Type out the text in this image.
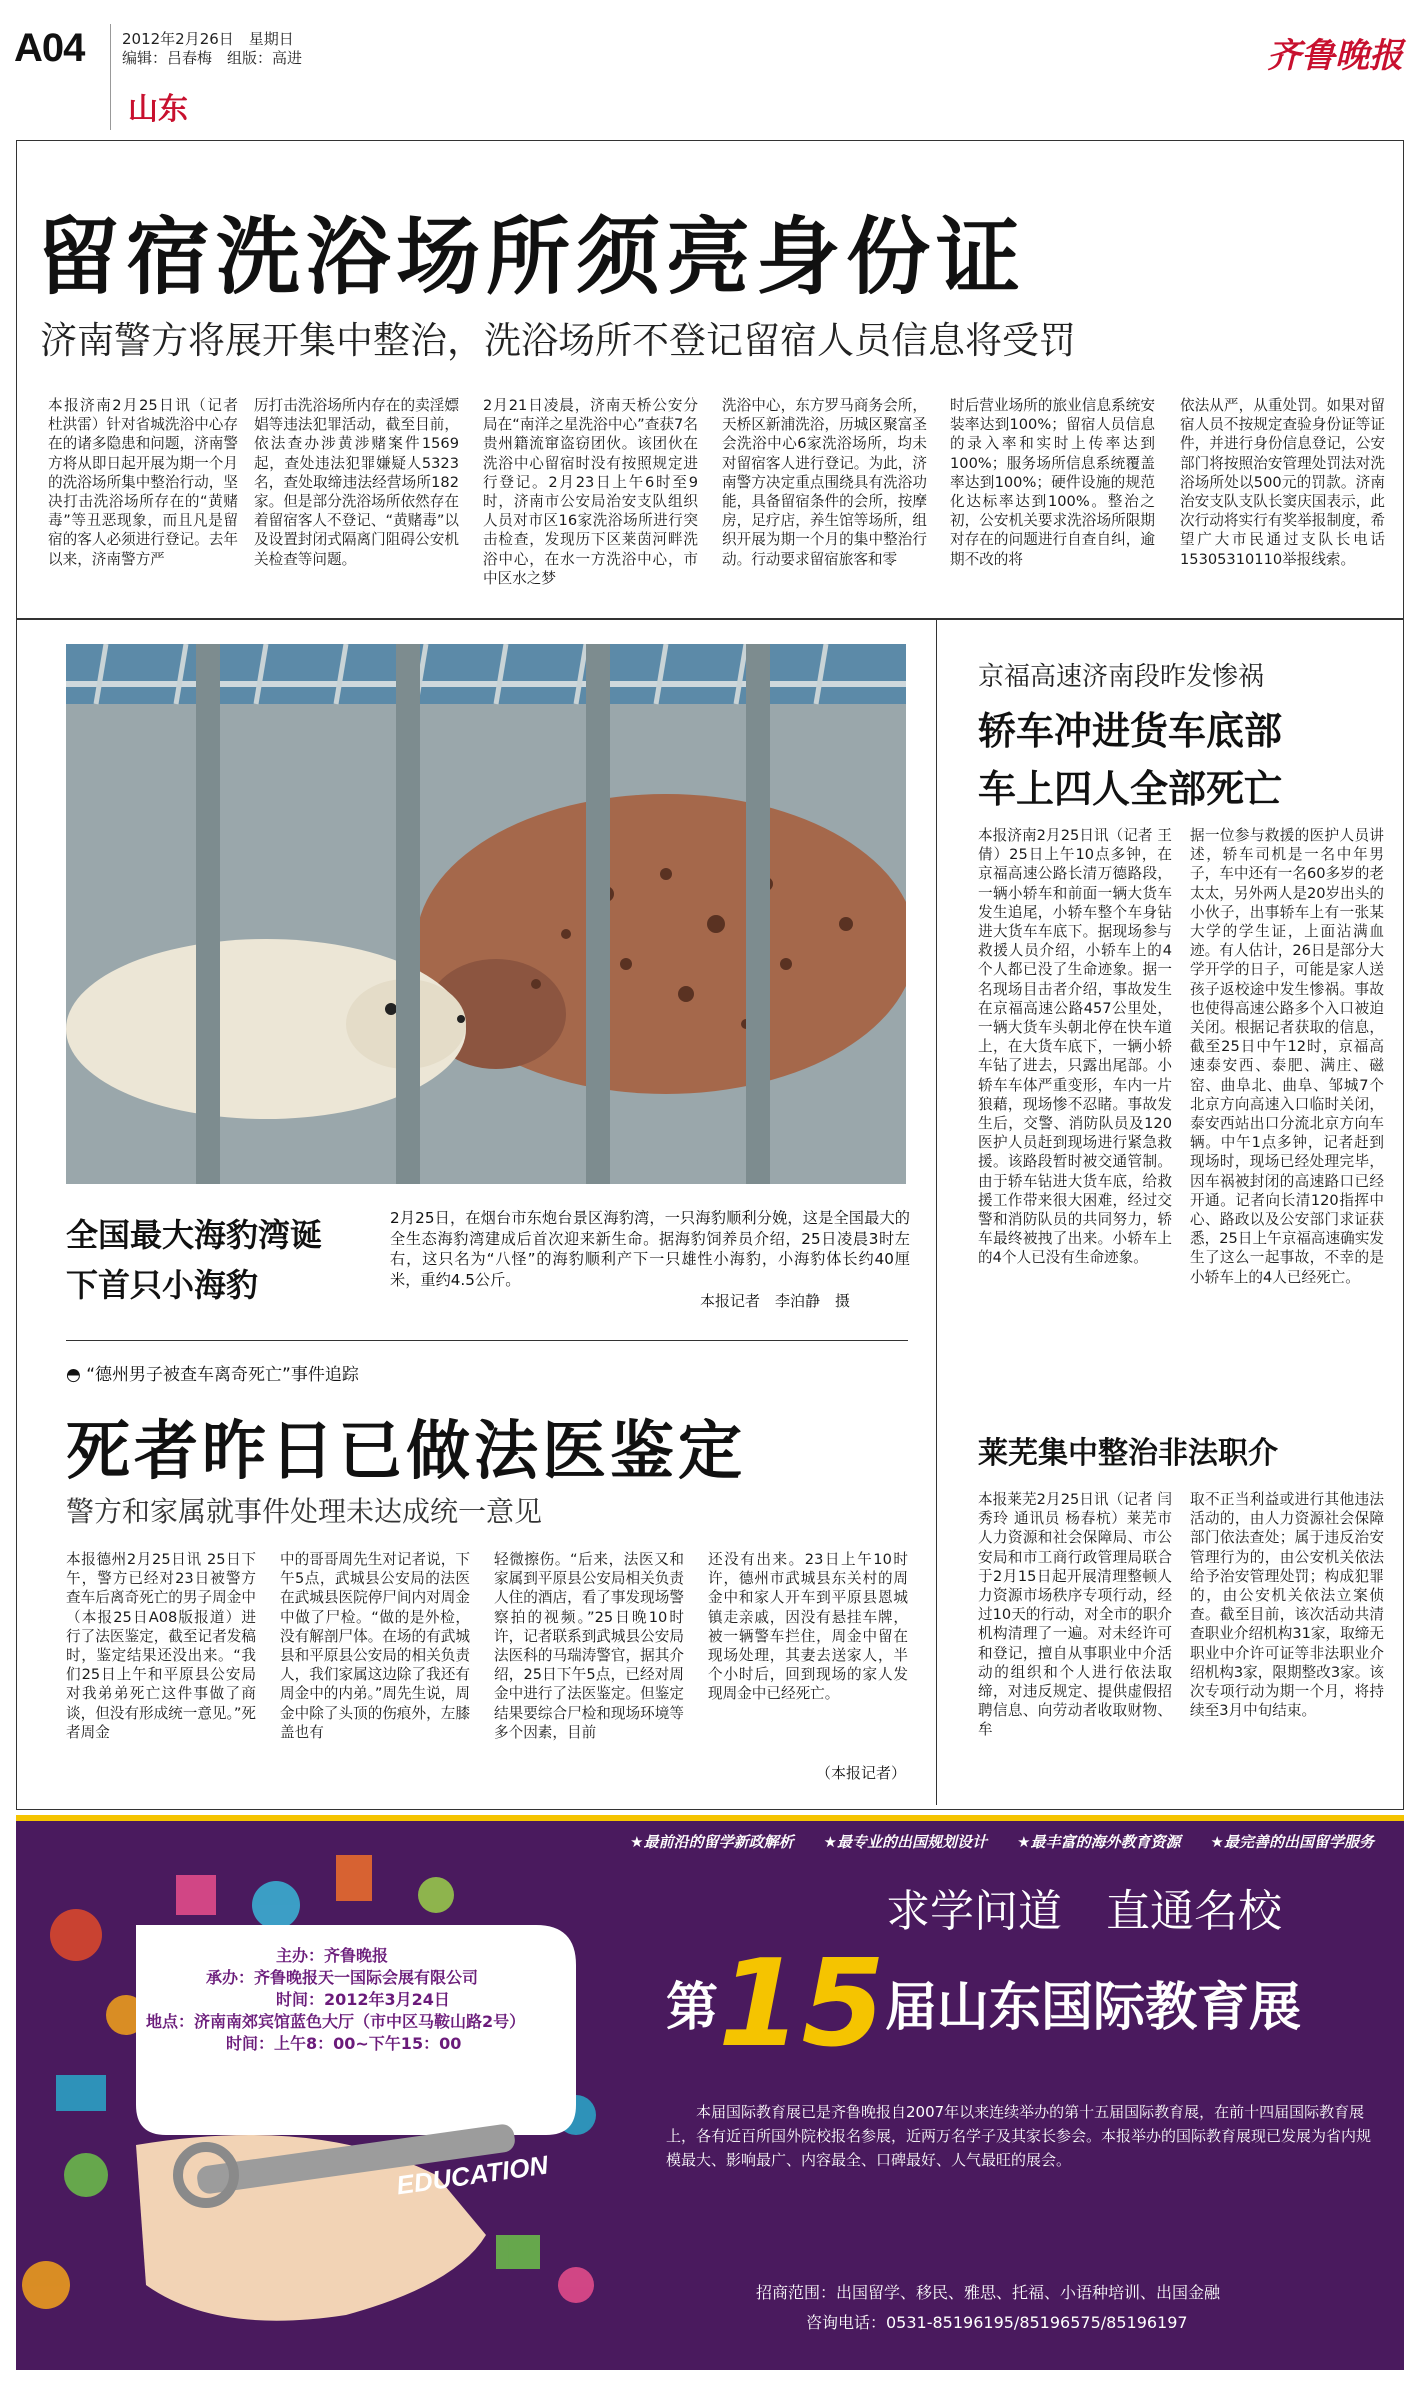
A04	2012年2月26日　星期日
编辑：吕春梅　组版：高进
山东
齐鲁晚报
留宿洗浴场所须亮身份证
济南警方将展开集中整治，洗浴场所不登记留宿人员信息将受罚
本报济南2月25日讯（记者 杜洪雷）针对省城洗浴中心存在的诸多隐患和问题，济南警方将从即日起开展为期一个月的洗浴场所集中整治行动，坚决打击洗浴场所存在的“黄赌毒”等丑恶现象，而且凡是留宿的客人必须进行登记。去年以来，济南警方严
厉打击洗浴场所内存在的卖淫嫖娼等违法犯罪活动，截至目前，依法查办涉黄涉赌案件1569起，查处违法犯罪嫌疑人5323名，查处取缔违法经营场所182家。但是部分洗浴场所依然存在着留宿客人不登记、“黄赌毒”以及设置封闭式隔离门阻碍公安机关检查等问题。
2月21日凌晨，济南天桥公安分局在“南洋之星洗浴中心”查获7名贵州籍流窜盗窃团伙。该团伙在洗浴中心留宿时没有按照规定进行登记。2月23日上午6时至9时，济南市公安局治安支队组织人员对市区16家洗浴场所进行突击检查，发现历下区莱茵河畔洗浴中心，在水一方洗浴中心，市中区水之梦
洗浴中心，东方罗马商务会所，天桥区新浦洗浴，历城区聚富圣会洗浴中心6家洗浴场所，均未对留宿客人进行登记。为此，济南警方决定重点围绕具有洗浴功能，具备留宿条件的会所，按摩房，足疗店，养生馆等场所，组织开展为期一个月的集中整治行动。行动要求留宿旅客和零
时后营业场所的旅业信息系统安装率达到100%；留宿人员信息的录入率和实时上传率达到100%；服务场所信息系统覆盖率达到100%；硬件设施的规范化达标率达到100%。整治之初，公安机关要求洗浴场所限期对存在的问题进行自查自纠，逾期不改的将
依法从严，从重处罚。如果对留宿人员不按规定查验身份证等证件，并进行身份信息登记，公安部门将按照治安管理处罚法对洗浴场所处以500元的罚款。济南治安支队支队长窦庆国表示，此次行动将实行有奖举报制度，希望广大市民通过支队长电话15305310110举报线索。
全国最大海豹湾诞下首只小海豹
2月25日，在烟台市东炮台景区海豹湾，一只海豹顺利分娩，这是全国最大的全生态海豹湾建成后首次迎来新生命。据海豹饲养员介绍，25日凌晨3时左右，这只名为“八怪”的海豹顺利产下一只雄性小海豹，小海豹体长约40厘米，重约4.5公斤。
本报记者　李泊静　摄
京福高速济南段昨发惨祸
轿车冲进货车底部
车上四人全部死亡
本报济南2月25日讯（记者 王倩）25日上午10点多钟，在京福高速公路长清万德路段，一辆小轿车和前面一辆大货车发生追尾，小轿车整个车身钻进大货车车底下。据现场参与救援人员介绍，小轿车上的4个人都已没了生命迹象。据一名现场目击者介绍，事故发生在京福高速公路457公里处，一辆大货车头朝北停在快车道上，在大货车底下，一辆小轿车钻了进去，只露出尾部。小轿车车体严重变形，车内一片狼藉，现场惨不忍睹。事故发生后，交警、消防队员及120医护人员赶到现场进行紧急救援。该路段暂时被交通管制。由于轿车钻进大货车底，给救援工作带来很大困难，经过交警和消防队员的共同努力，轿车最终被拽了出来。小轿车上的4个人已没有生命迹象。
据一位参与救援的医护人员讲述，轿车司机是一名中年男子，车中还有一名60多岁的老太太，另外两人是20岁出头的小伙子，出事轿车上有一张某大学的学生证，上面沾满血迹。有人估计，26日是部分大学开学的日子，可能是家人送孩子返校途中发生惨祸。事故也使得高速公路多个入口被迫关闭。根据记者获取的信息，截至25日中午12时，京福高速泰安西、泰肥、满庄、磁窑、曲阜北、曲阜、邹城7个北京方向高速入口临时关闭，泰安西站出口分流北京方向车辆。中午1点多钟，记者赶到现场时，现场已经处理完毕，因车祸被封闭的高速路口已经开通。记者向长清120指挥中心、路政以及公安部门求证获悉，25日上午京福高速确实发生了这么一起事故，不幸的是小轿车上的4人已经死亡。
莱芜集中整治非法职介
本报莱芜2月25日讯（记者 闫秀玲 通讯员 杨春杭）莱芜市人力资源和社会保障局、市公安局和市工商行政管理局联合于2月15日起开展清理整顿人力资源市场秩序专项行动，经过10天的行动，对全市的职介机构清理了一遍。对未经许可和登记，擅自从事职业中介活动的组织和个人进行依法取缔，对违反规定、提供虚假招聘信息、向劳动者收取财物、牟
取不正当利益或进行其他违法活动的，由人力资源社会保障部门依法查处；属于违反治安管理行为的，由公安机关依法给予治安管理处罚；构成犯罪的，由公安机关依法立案侦查。截至目前，该次活动共清查职业介绍机构31家，取缔无职业中介许可证等非法职业介绍机构3家，限期整改3家。该次专项行动为期一个月，将持续至3月中旬结束。
◓ “德州男子被查车离奇死亡”事件追踪
死者昨日已做法医鉴定
警方和家属就事件处理未达成统一意见
本报德州2月25日讯 25日下午，警方已经对23日被警方查车后离奇死亡的男子周金中（本报25日A08版报道）进行了法医鉴定，截至记者发稿时，鉴定结果还没出来。“我们25日上午和平原县公安局对我弟弟死亡这件事做了商谈，但没有形成统一意见。”死者周金
中的哥哥周先生对记者说，下午5点，武城县公安局的法医在武城县医院停尸间内对周金中做了尸检。“做的是外检，没有解剖尸体。在场的有武城县和平原县公安局的相关负责人，我们家属这边除了我还有周金中的内弟。”周先生说，周金中除了头顶的伤痕外，左膝盖也有
轻微擦伤。“后来，法医又和家属到平原县公安局相关负责人住的酒店，看了事发现场警察拍的视频。”25日晚10时许，记者联系到武城县公安局法医科的马瑞涛警官，据其介绍，25日下午5点，已经对周金中进行了法医鉴定。但鉴定结果要综合尸检和现场环境等多个因素，目前
还没有出来。23日上午10时许，德州市武城县东关村的周金中和家人开车到平原县恩城镇走亲戚，因没有悬挂车牌，被一辆警车拦住，周金中留在现场处理，其妻去送家人，半个小时后，回到现场的家人发现周金中已经死亡。
（本报记者）
★最前沿的留学新政解析 ★最专业的出国规划设计 ★最丰富的海外教育资源 ★最完善的出国留学服务
主办：齐鲁晚报
承办：齐鲁晚报天一国际会展有限公司
时间：2012年3月24日
地点：济南南郊宾馆蓝色大厅（市中区马鞍山路2号）
时间：上午8：00~下午15：00
EDUCATION
求学问道　直通名校
第15届山东国际教育展
本届国际教育展已是齐鲁晚报自2007年以来连续举办的第十五届国际教育展，在前十四届国际教育展上，各有近百所国外院校报名参展，近两万名学子及其家长参会。本报举办的国际教育展现已发展为省内规模最大、影响最广、内容最全、口碑最好、人气最旺的展会。
招商范围：出国留学、移民、雅思、托福、小语种培训、出国金融
咨询电话：0531-85196195/85196575/85196197
